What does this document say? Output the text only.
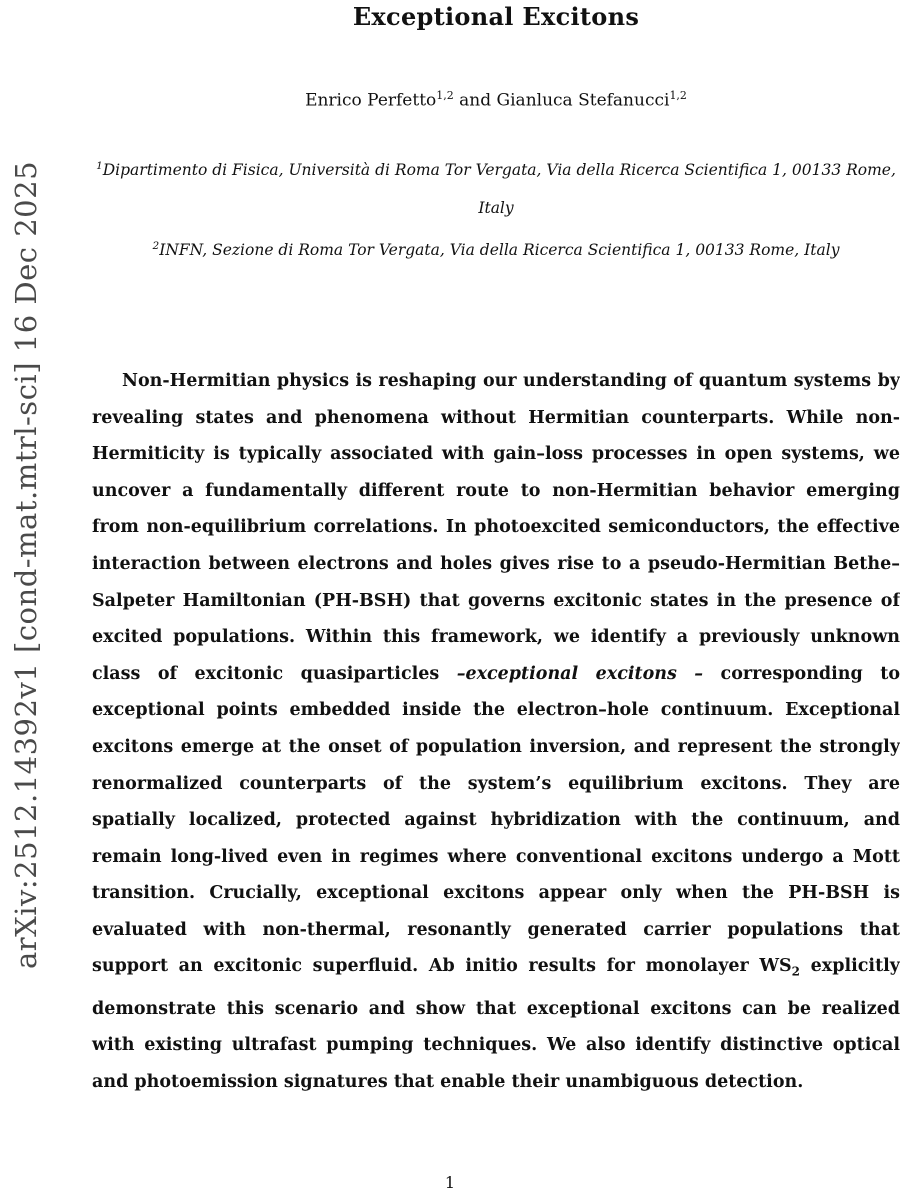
arXiv:2512.14392v1 [cond-mat.mtrl-sci] 16 Dec 2025
Exceptional Excitons
Enrico Perfetto$^{1,2}$ and Gianluca Stefanucci$^{1,2}$
$^1$Dipartimento di Fisica, Università di Roma Tor Vergata, Via della Ricerca Scientifica 1, 00133 Rome, Italy
$^2$INFN, Sezione di Roma Tor Vergata, Via della Ricerca Scientifica 1, 00133 Rome, Italy

Non-Hermitian physics is reshaping our understanding of quantum systems by revealing states and phenomena without Hermitian counterparts. While non-Hermiticity is typically associated with gain–loss processes in open systems, we uncover a fundamentally different route to non-Hermitian behavior emerging from non-equilibrium correlations. In photoexcited semiconductors, the effective interaction between electrons and holes gives rise to a pseudo-Hermitian Bethe–Salpeter Hamiltonian (PH-BSH) that governs excitonic states in the presence of excited populations. Within this framework, we identify a previously unknown class of excitonic quasiparticles –exceptional excitons – corresponding to exceptional points embedded inside the electron–hole continuum. Exceptional excitons emerge at the onset of population inversion, and represent the strongly renormalized counterparts of the system’s equilibrium excitons. They are spatially localized, protected against hybridization with the continuum, and remain long-lived even in regimes where conventional excitons undergo a Mott transition. Crucially, exceptional excitons appear only when the PH-BSH is evaluated with non-thermal, resonantly generated carrier populations that support an excitonic superfluid. Ab initio results for monolayer $WS_2$ explicitly demonstrate this scenario and show that exceptional excitons can be realized with existing ultrafast pumping techniques. We also identify distinctive optical and photoemission signatures that enable their unambiguous detection.

1
